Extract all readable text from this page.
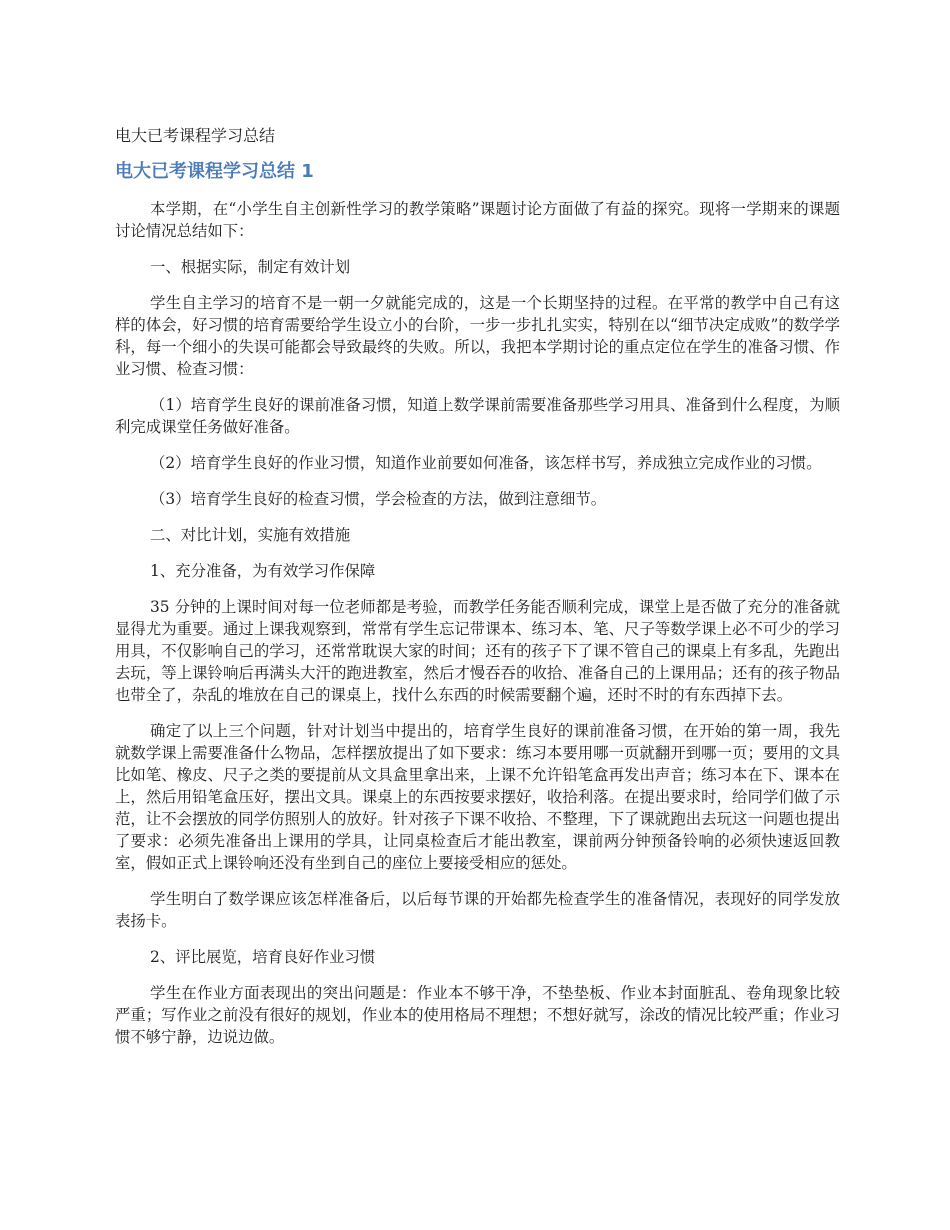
电大已考课程学习总结
电大已考课程学习总结 1

本学期，在“小学生自主创新性学习的教学策略”课题讨论方面做了有益的探究。现将一学期来的课题讨论情况总结如下：

一、根据实际，制定有效计划

学生自主学习的培育不是一朝一夕就能完成的，这是一个长期坚持的过程。在平常的教学中自己有这样的体会，好习惯的培育需要给学生设立小的台阶，一步一步扎扎实实，特别在以“细节决定成败”的数学学科，每一个细小的失误可能都会导致最终的失败。所以，我把本学期讨论的重点定位在学生的准备习惯、作业习惯、检查习惯：

（1）培育学生良好的课前准备习惯，知道上数学课前需要准备那些学习用具、准备到什么程度，为顺利完成课堂任务做好准备。

（2）培育学生良好的作业习惯，知道作业前要如何准备，该怎样书写，养成独立完成作业的习惯。

（3）培育学生良好的检查习惯，学会检查的方法，做到注意细节。

二、对比计划，实施有效措施

1、充分准备，为有效学习作保障

35 分钟的上课时间对每一位老师都是考验，而教学任务能否顺利完成，课堂上是否做了充分的准备就显得尤为重要。通过上课我观察到，常常有学生忘记带课本、练习本、笔、尺子等数学课上必不可少的学习用具，不仅影响自己的学习，还常常耽误大家的时间；还有的孩子下了课不管自己的课桌上有多乱，先跑出去玩，等上课铃响后再满头大汗的跑进教室，然后才慢吞吞的收拾、准备自己的上课用品；还有的孩子物品也带全了，杂乱的堆放在自己的课桌上，找什么东西的时候需要翻个遍，还时不时的有东西掉下去。

确定了以上三个问题，针对计划当中提出的，培育学生良好的课前准备习惯，在开始的第一周，我先就数学课上需要准备什么物品，怎样摆放提出了如下要求：练习本要用哪一页就翻开到哪一页；要用的文具比如笔、橡皮、尺子之类的要提前从文具盒里拿出来，上课不允许铅笔盒再发出声音；练习本在下、课本在上，然后用铅笔盒压好，摆出文具。课桌上的东西按要求摆好，收拾利落。在提出要求时，给同学们做了示范，让不会摆放的同学仿照别人的放好。针对孩子下课不收拾、不整理，下了课就跑出去玩这一问题也提出了要求：必须先准备出上课用的学具，让同桌检查后才能出教室，课前两分钟预备铃响的必须快速返回教室，假如正式上课铃响还没有坐到自己的座位上要接受相应的惩处。

学生明白了数学课应该怎样准备后，以后每节课的开始都先检查学生的准备情况，表现好的同学发放表扬卡。

2、评比展览，培育良好作业习惯

学生在作业方面表现出的突出问题是：作业本不够干净，不垫垫板、作业本封面脏乱、卷角现象比较严重；写作业之前没有很好的规划，作业本的使用格局不理想；不想好就写，涂改的情况比较严重；作业习惯不够宁静，边说边做。
